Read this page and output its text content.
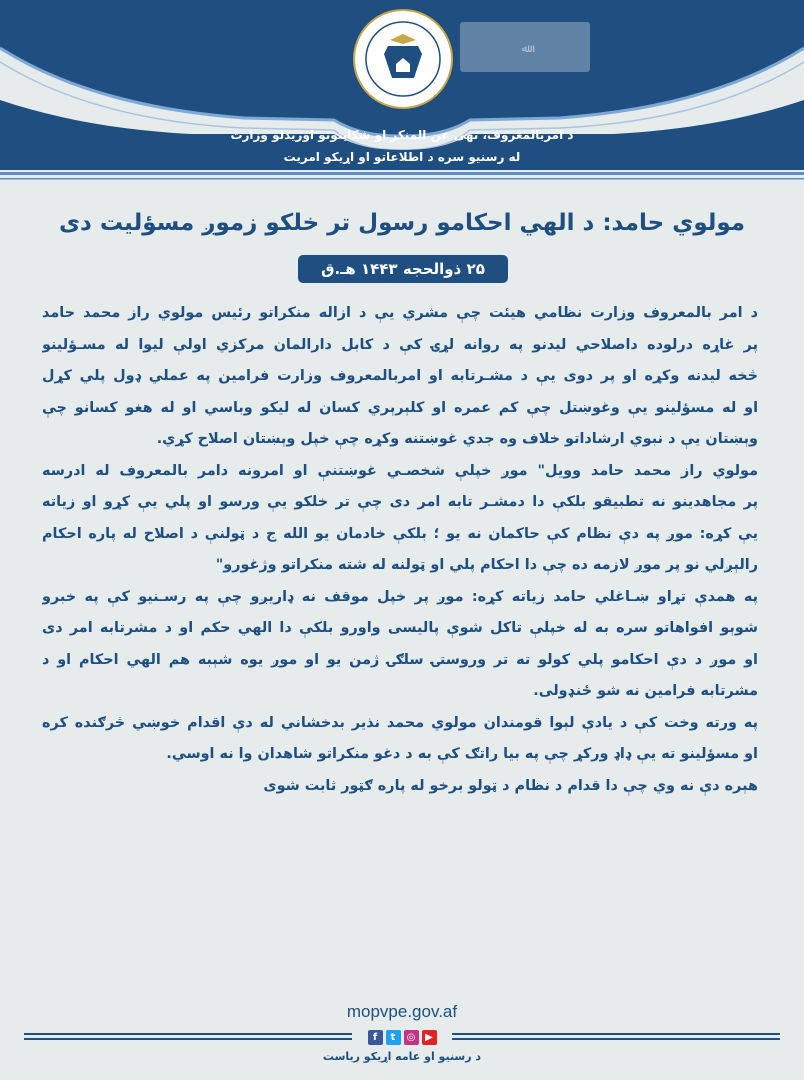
ﷲ
د امربالمعروف، نهی عن المنکر او شکایتونو اوریدلو وزارت
له رسنیو سره د اطلاعاتو او اړیکو امریت
مولوي حامد: د الهي احکامو رسول تر خلکو زموږ مسؤلیت دی
۲۵ ذوالحجه ۱۴۴۳ هـ.ق
د امر بالمعروف وزارت نظامي هیئت چې مشري یې د ازاله منکراتو رئیس مولوي راز محمد حامد
پر غاړه درلوده داصلاحي لیدنو په روانه لړۍ کې د کابل دارالمان مرکزي اولې لیوا له مسـؤلینو
څخه لیدنه وکړه او پر دوی یې د مشـرتابه او امربالمعروف وزارت فرامین په عملي ډول پلي کړل
او له مسؤلینو یې وغوښتل چې کم عمره او کلېرېري کسان له لیکو وباسي او له هغو کسانو چې
وېښتان یې د نبوي ارشاداتو خلاف وه جدي غوښتنه وکړه چې خپل وېښتان اصلاح کړي.
مولوي راز محمد حامد وویل" موږ خپلې شخصـي غوښتنې او امرونه دامر بالمعروف له ادرسه
پر مجاهدینو نه تطبیقو بلکې دا دمشـر تابه امر دی چې تر خلکو یې ورسو او پلي یې کړو او زیاته
یې کړه: موږ په دې نظام کې حاکمان نه یو ؛ بلکې خادمان یو الله ج د ټولنې د اصلاح له پاره احکام
رالېږلي نو پر موږ لازمه ده چې دا احکام پلي او ټولنه له شته منکراتو وژغورو"
په همدې تړاو ښـاغلي حامد زیاته کړه: موږ پر خپل موقف نه ډاریږو چې په رسـنیو کې په خبرو
شوېو افواهاتو سره به له خپلې تاکل شوې پالیسی واورو بلکې دا الهي حکم او د مشرتابه امر دی
او موږ د دې احکامو پلي کولو ته تر وروستۍ سلګۍ ژمن یو او موږ یوه شېبه هم الهي احکام او د
مشرتابه فرامین نه شو ځنډولی.
په ورته وخت کې د یادې لېوا قومندان مولوي محمد نذیر بدخشاني له دې اقدام خوښي څرګنده کره
او مسؤلینو ته یې ډاډ ورکړ چې په بیا راتګ کې به د دغو منکراتو شاهدان وا نه اوسي.
هېره دې نه وي چې دا قدام د نظام د ټولو برخو له پاره ګټور ثابت شوی
mopvpe.gov.af
f	t	◎ ▶
د رسنیو او عامه اړیکو ریاست
